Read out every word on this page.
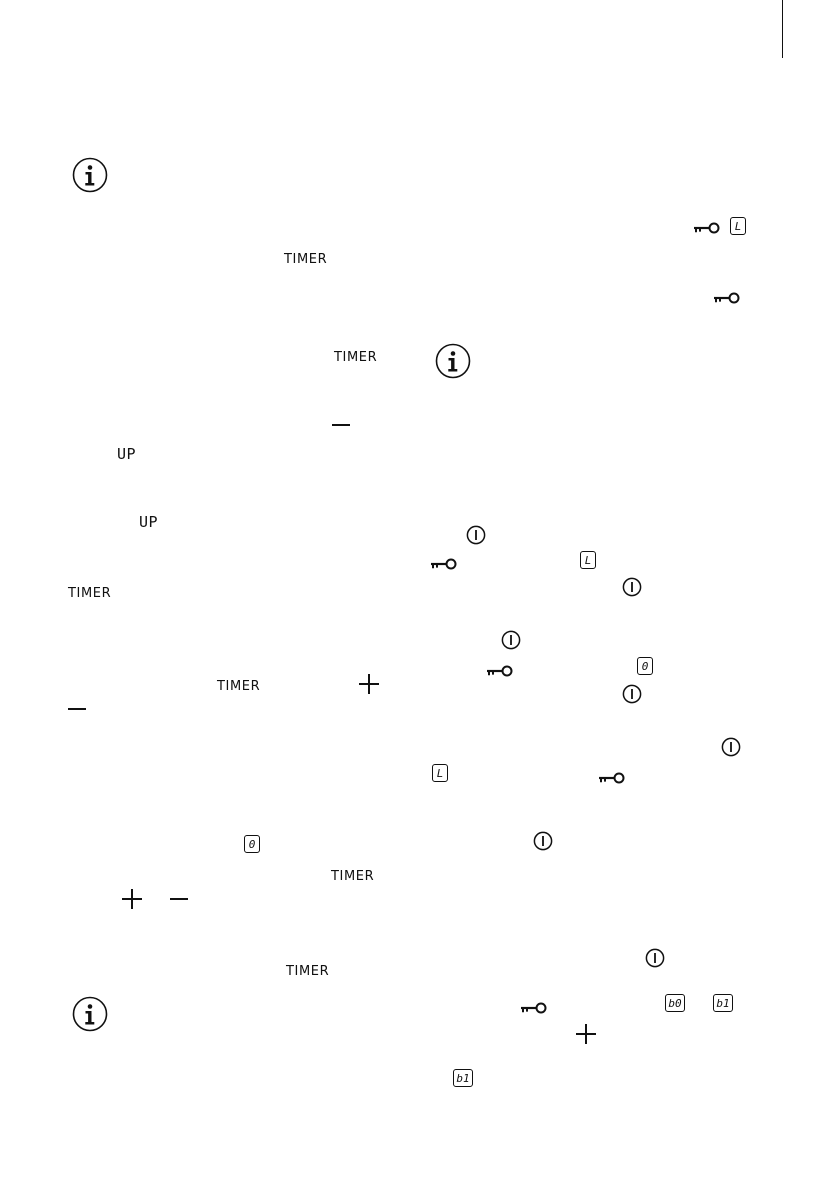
TIMER
TIMER
TIMER
TIMER
TIMER
TIMER
UP
UP
L
L
0
L
0
b0	b1
b1
